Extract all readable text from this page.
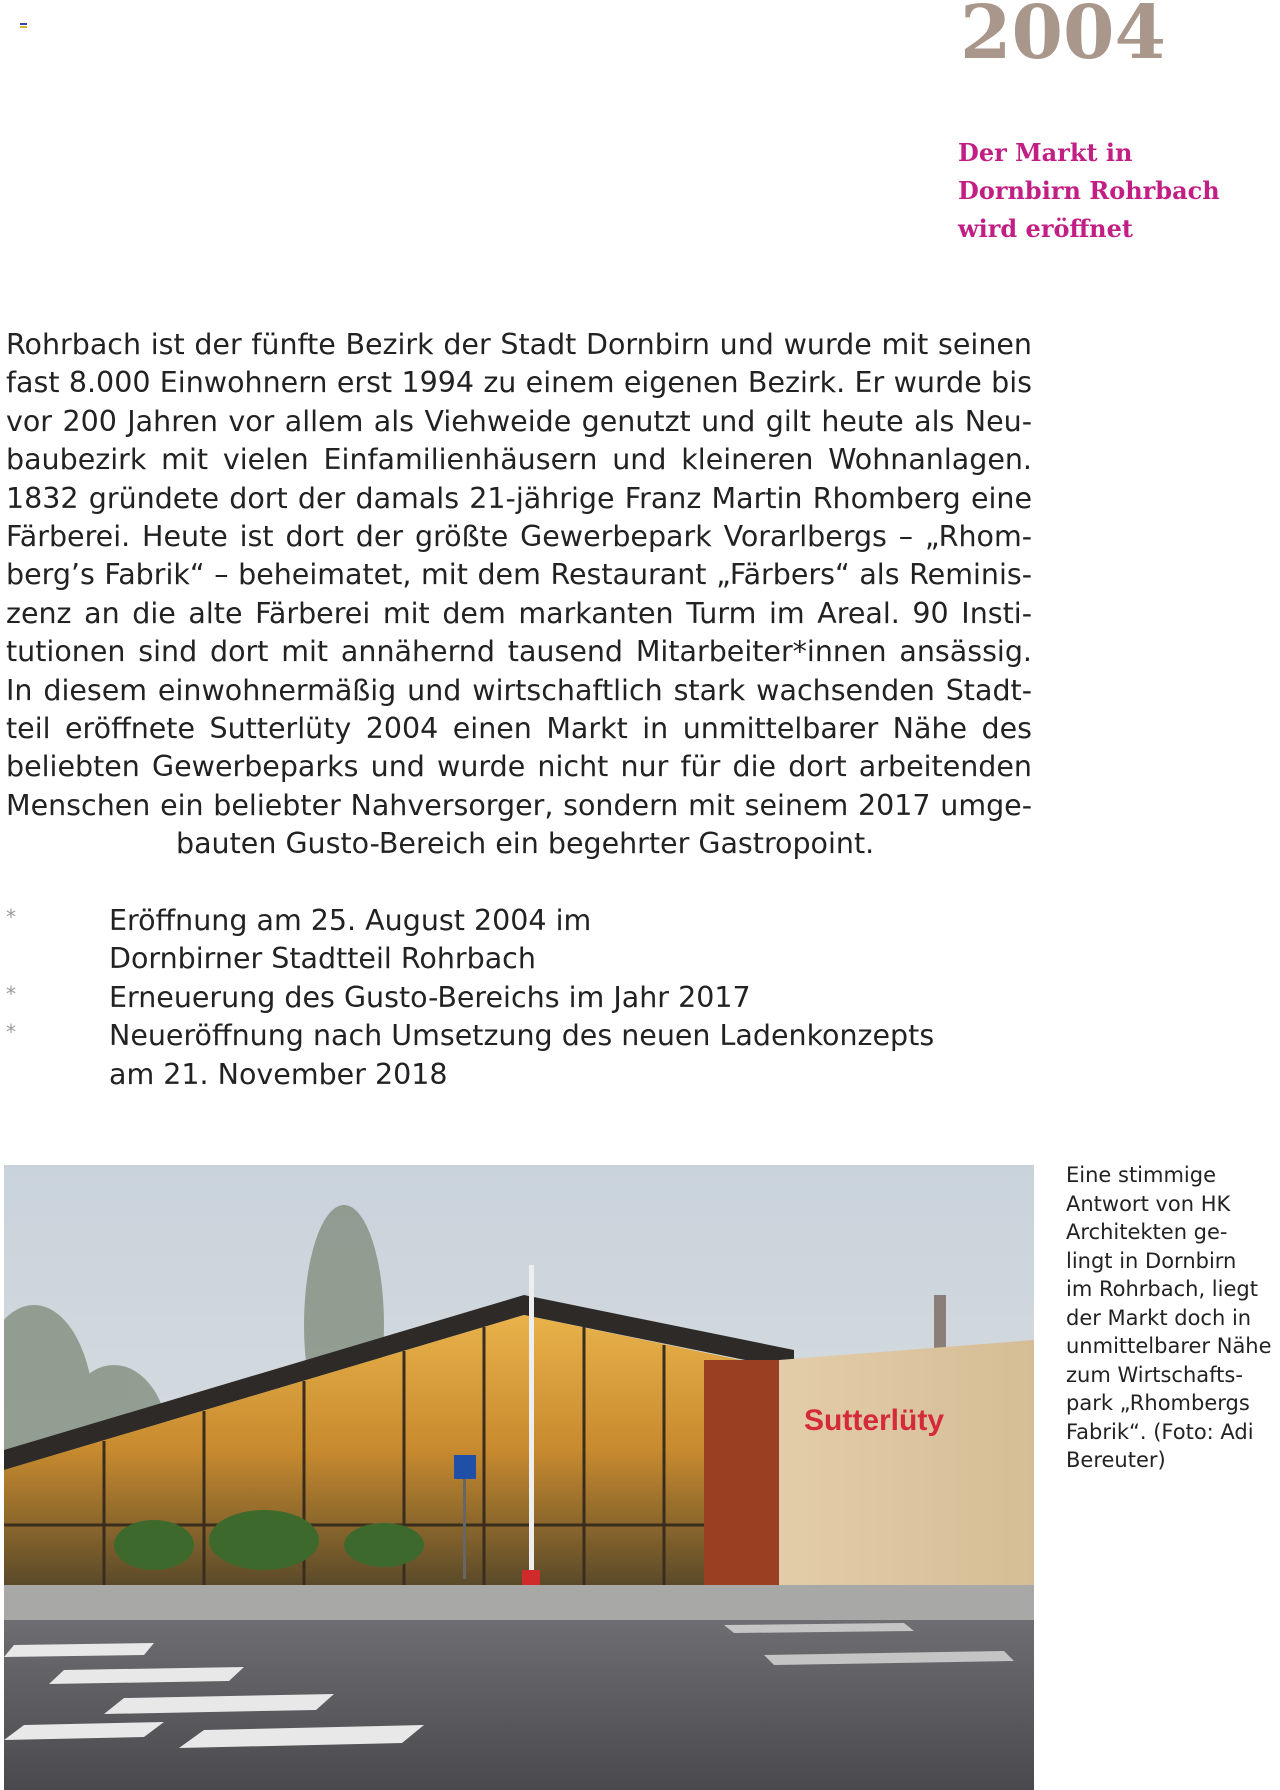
2004
Der Markt in
Dornbirn Rohrbach
wird eröffnet
Rohrbach ist der fünfte Bezirk der Stadt Dornbirn und wurde mit seinen
fast 8.000 Einwohnern erst 1994 zu einem eigenen Bezirk. Er wurde bis
vor 200 Jahren vor allem als Viehweide genutzt und gilt heute als Neu-
baubezirk mit vielen Einfamilienhäusern und kleineren Wohnanlagen.
1832 gründete dort der damals 21-jährige Franz Martin Rhomberg eine
Färberei. Heute ist dort der größte Gewerbepark Vorarlbergs – „Rhom-
berg’s Fabrik“ – beheimatet, mit dem Restaurant „Färbers“ als Reminis-
zenz an die alte Färberei mit dem markanten Turm im Areal. 90 Insti-
tutionen sind dort mit annähernd tausend Mitarbeiter*innen ansässig.
In diesem einwohnermäßig und wirtschaftlich stark wachsenden Stadt-
teil eröffnete Sutterlüty 2004 einen Markt in unmittelbarer Nähe des
beliebten Gewerbeparks und wurde nicht nur für die dort arbeitenden
Menschen ein beliebter Nahversorger, sondern mit seinem 2017 umge-
bauten Gusto-Bereich ein begehrter Gastropoint.
*	Eröffnung am 25. August 2004 im
Dornbirner Stadtteil Rohrbach
*	Erneuerung des Gusto-Bereichs im Jahr 2017
*	Neueröffnung nach Umsetzung des neuen Ladenkonzepts
am 21. November 2018
Sutterlüty
Eine stimmige
Antwort von HK
Architekten ge-
lingt in Dornbirn
im Rohrbach, liegt
der Markt doch in
unmittelbarer Nähe
zum Wirtschafts-
park „Rhombergs
Fabrik“. (Foto: Adi
Bereuter)
